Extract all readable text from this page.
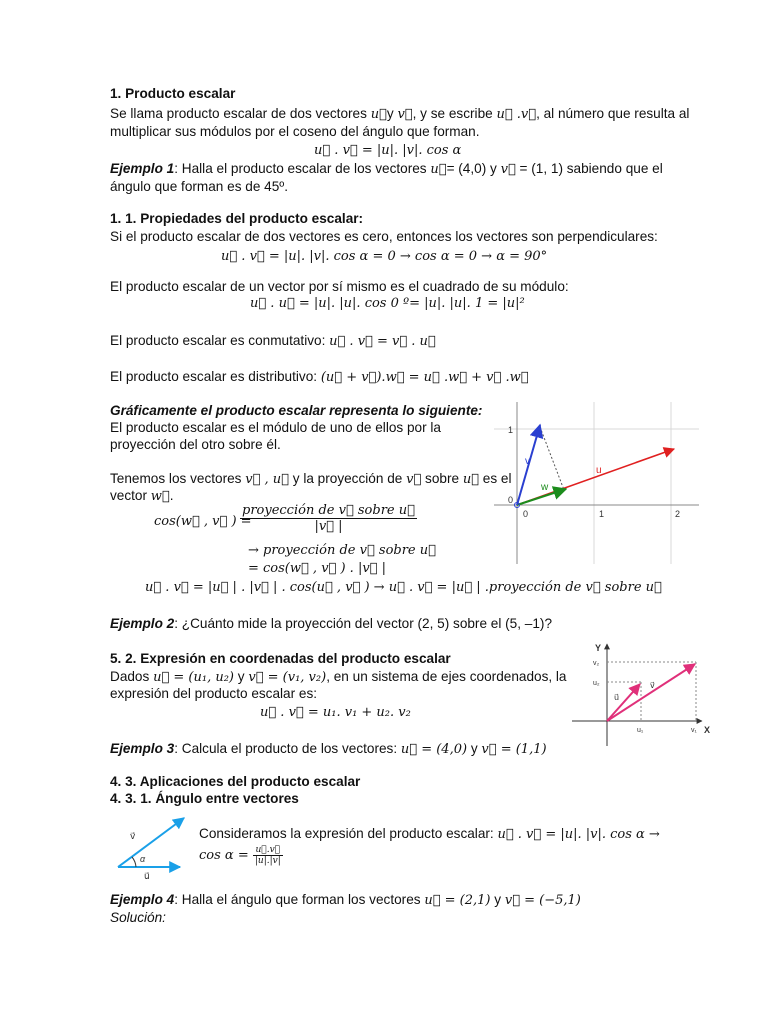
1. Producto escalar
Se llama producto escalar de dos vectores u⃗y v⃗, y se escribe u⃗ .v⃗, al número que resulta al
multiplicar sus módulos por el coseno del ángulo que forman.
u⃗ . v⃗ = |u|. |v|. cos α
Ejemplo 1: Halla el producto escalar de los vectores u⃗= (4,0) y v⃗ = (1, 1) sabiendo que el
ángulo que forman es de 45º.
1. 1. Propiedades del producto escalar:
Si el producto escalar de dos vectores es cero, entonces los vectores son perpendiculares:
u⃗ . v⃗ = |u|. |v|. cos α = 0 → cos α = 0 → α = 90°
El producto escalar de un vector por sí mismo es el cuadrado de su módulo:
u⃗ . u⃗ = |u|. |u|. cos 0 º= |u|. |u|. 1 = |u|²
El producto escalar es conmutativo: u⃗ . v⃗ = v⃗ . u⃗
El producto escalar es distributivo: (u⃗ + v⃗).w⃗ = u⃗ .w⃗ + v⃗ .w⃗
Gráficamente el producto escalar representa lo siguiente:
El producto escalar es el módulo de uno de ellos por la
proyección del otro sobre él.
Tenemos los vectores v⃗ , u⃗ y la proyección de v⃗ sobre u⃗ es el
vector w⃗.
cos(w⃗ , v⃗ ) =
$\frac{\text{proyección de v⃗ sobre u⃗}}{|v⃗ |}$
→ proyección de v⃗ sobre u⃗
= cos(w⃗ , v⃗ ) . |v⃗ |
u⃗ . v⃗ = |u⃗ | . |v⃗ | . cos(u⃗ , v⃗ ) → u⃗ . v⃗ = |u⃗ | .proyección de v⃗ sobre u⃗
Ejemplo 2: ¿Cuánto mide la proyección del vector (2, 5) sobre el (5, –1)?
1
0
0	1	2
v
u
w
5. 2. Expresión en coordenadas del producto escalar
Dados u⃗ = (u₁, u₂) y v⃗ = (v₁, v₂), en un sistema de ejes coordenados, la
expresión del producto escalar es:
u⃗ . v⃗ = u₁. v₁ + u₂. v₂
Ejemplo 3: Calcula el producto de los vectores: u⃗ = (4,0) y v⃗ = (1,1)
Y
X
v₂
u₂
u₁	v₁
u⃗
v⃗
4. 3. Aplicaciones del producto escalar
4. 3. 1. Ángulo entre vectores
Consideramos la expresión del producto escalar: u⃗ . v⃗ = |u|. |v|. cos α →
$\cos \alpha = \frac{u⃗.v⃗}{|u|.|v|}$
Ejemplo 4: Halla el ángulo que forman los vectores u⃗ = (2,1) y v⃗ = (−5,1)
Solución:
v⃗
α
u⃗
